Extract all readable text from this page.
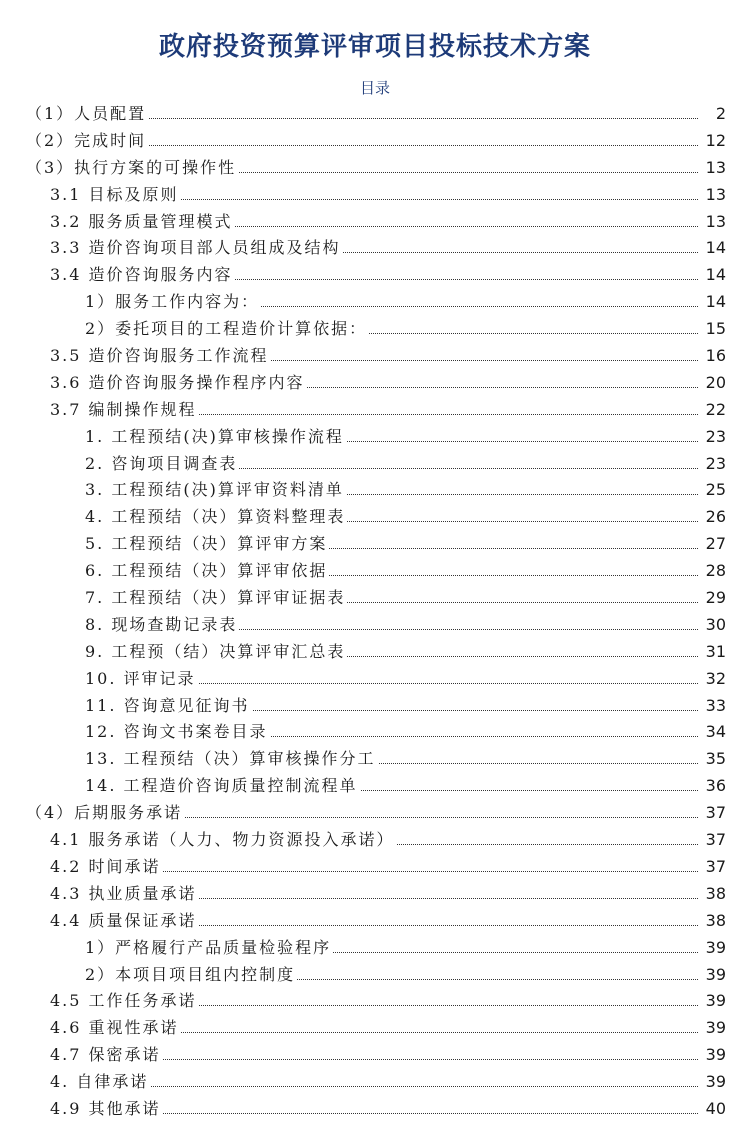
政府投资预算评审项目投标技术方案
目录
（1）人员配置	2
（2）完成时间	12
（3）执行方案的可操作性	13
3.1 目标及原则	13
3.2 服务质量管理模式	13
3.3 造价咨询项目部人员组成及结构	14
3.4 造价咨询服务内容	14
1）服务工作内容为：	14
2）委托项目的工程造价计算依据：	15
3.5 造价咨询服务工作流程	16
3.6 造价咨询服务操作程序内容	20
3.7 编制操作规程	22
1. 工程预结(决)算审核操作流程	23
2. 咨询项目调查表	23
3. 工程预结(决)算评审资料清单	25
4. 工程预结（决）算资料整理表	26
5. 工程预结（决）算评审方案	27
6. 工程预结（决）算评审依据	28
7. 工程预结（决）算评审证据表	29
8. 现场查勘记录表	30
9. 工程预（结）决算评审汇总表	31
10. 评审记录	32
11. 咨询意见征询书	33
12. 咨询文书案卷目录	34
13. 工程预结（决）算审核操作分工	35
14. 工程造价咨询质量控制流程单	36
（4）后期服务承诺	37
4.1 服务承诺（人力、物力资源投入承诺）	37
4.2 时间承诺	37
4.3 执业质量承诺	38
4.4 质量保证承诺	38
1）严格履行产品质量检验程序	39
2）本项目项目组内控制度	39
4.5 工作任务承诺	39
4.6 重视性承诺	39
4.7 保密承诺	39
4. 自律承诺	39
4.9 其他承诺	40
